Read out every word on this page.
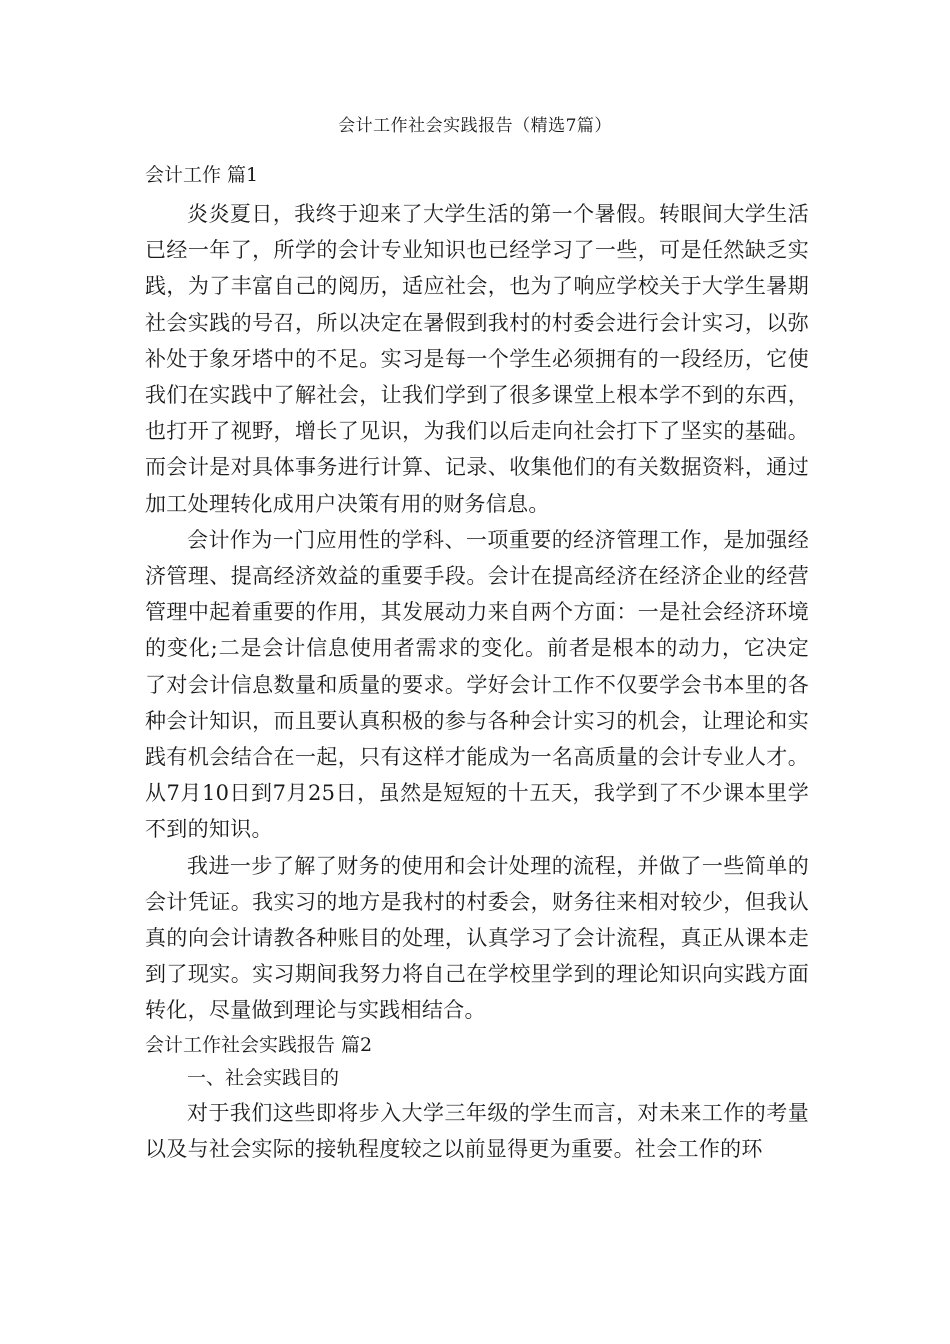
会计工作社会实践报告（精选7篇）
会计工作 篇1

炎炎夏日，我终于迎来了大学生活的第一个暑假。转眼间大学生活已经一年了，所学的会计专业知识也已经学习了一些，可是任然缺乏实践，为了丰富自己的阅历，适应社会，也为了响应学校关于大学生暑期社会实践的号召，所以决定在暑假到我村的村委会进行会计实习，以弥补处于象牙塔中的不足。实习是每一个学生必须拥有的一段经历，它使我们在实践中了解社会，让我们学到了很多课堂上根本学不到的东西，也打开了视野，增长了见识，为我们以后走向社会打下了坚实的基础。而会计是对具体事务进行计算、记录、收集他们的有关数据资料，通过加工处理转化成用户决策有用的财务信息。

会计作为一门应用性的学科、一项重要的经济管理工作，是加强经济管理、提高经济效益的重要手段。会计在提高经济在经济企业的经营管理中起着重要的作用，其发展动力来自两个方面：一是社会经济环境的变化;二是会计信息使用者需求的变化。前者是根本的动力，它决定了对会计信息数量和质量的要求。学好会计工作不仅要学会书本里的各种会计知识，而且要认真积极的参与各种会计实习的机会，让理论和实践有机会结合在一起，只有这样才能成为一名高质量的会计专业人才。从7月10日到7月25日，虽然是短短的十五天，我学到了不少课本里学不到的知识。

我进一步了解了财务的使用和会计处理的流程，并做了一些简单的会计凭证。我实习的地方是我村的村委会，财务往来相对较少，但我认真的向会计请教各种账目的处理，认真学习了会计流程，真正从课本走到了现实。实习期间我努力将自己在学校里学到的理论知识向实践方面转化，尽量做到理论与实践相结合。

会计工作社会实践报告 篇2

一、社会实践目的

对于我们这些即将步入大学三年级的学生而言，对未来工作的考量以及与社会实际的接轨程度较之以前显得更为重要。社会工作的环
